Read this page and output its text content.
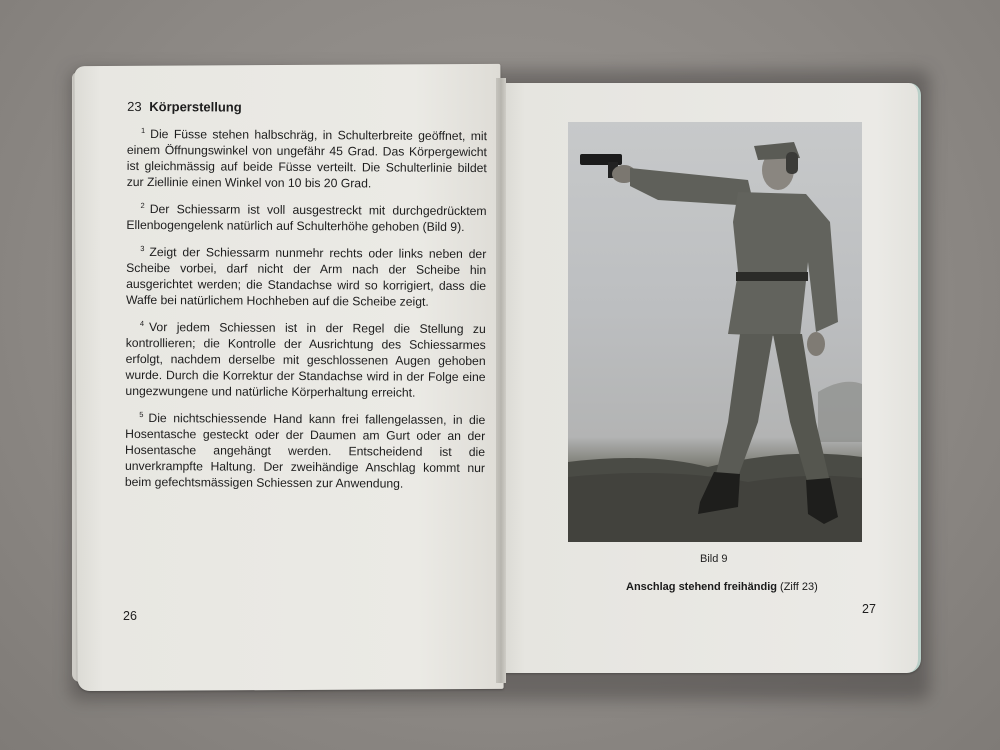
23 Körperstellung

$^1$ Die Füsse stehen halbschräg, in Schulterbreite geöffnet, mit einem Öffnungswinkel von ungefähr 45 Grad. Das Körpergewicht ist gleichmässig auf beide Füsse verteilt. Die Schulterlinie bildet zur Ziellinie einen Winkel von 10 bis 20 Grad.

$^2$ Der Schiessarm ist voll ausgestreckt mit durchgedrücktem Ellenbogengelenk natürlich auf Schulterhöhe gehoben (Bild 9).

$^3$ Zeigt der Schiessarm nunmehr rechts oder links neben der Scheibe vorbei, darf nicht der Arm nach der Scheibe hin ausgerichtet werden; die Standachse wird so korrigiert, dass die Waffe bei natürlichem Hochheben auf die Scheibe zeigt.

$^4$ Vor jedem Schiessen ist in der Regel die Stellung zu kontrollieren; die Kontrolle der Ausrichtung des Schiessarmes erfolgt, nachdem derselbe mit geschlossenen Augen gehoben wurde. Durch die Korrektur der Standachse wird in der Folge eine ungezwungene und natürliche Körperhaltung erreicht.

$^5$ Die nichtschiessende Hand kann frei fallengelassen, in die Hosentasche gesteckt oder der Daumen am Gurt oder an der Hosentasche angehängt werden. Entscheidend ist die unverkrampfte Haltung. Der zweihändige Anschlag kommt nur beim gefechtsmässigen Schiessen zur Anwendung.

26
Bild 9
Anschlag stehend freihändig (Ziff 23)
27
